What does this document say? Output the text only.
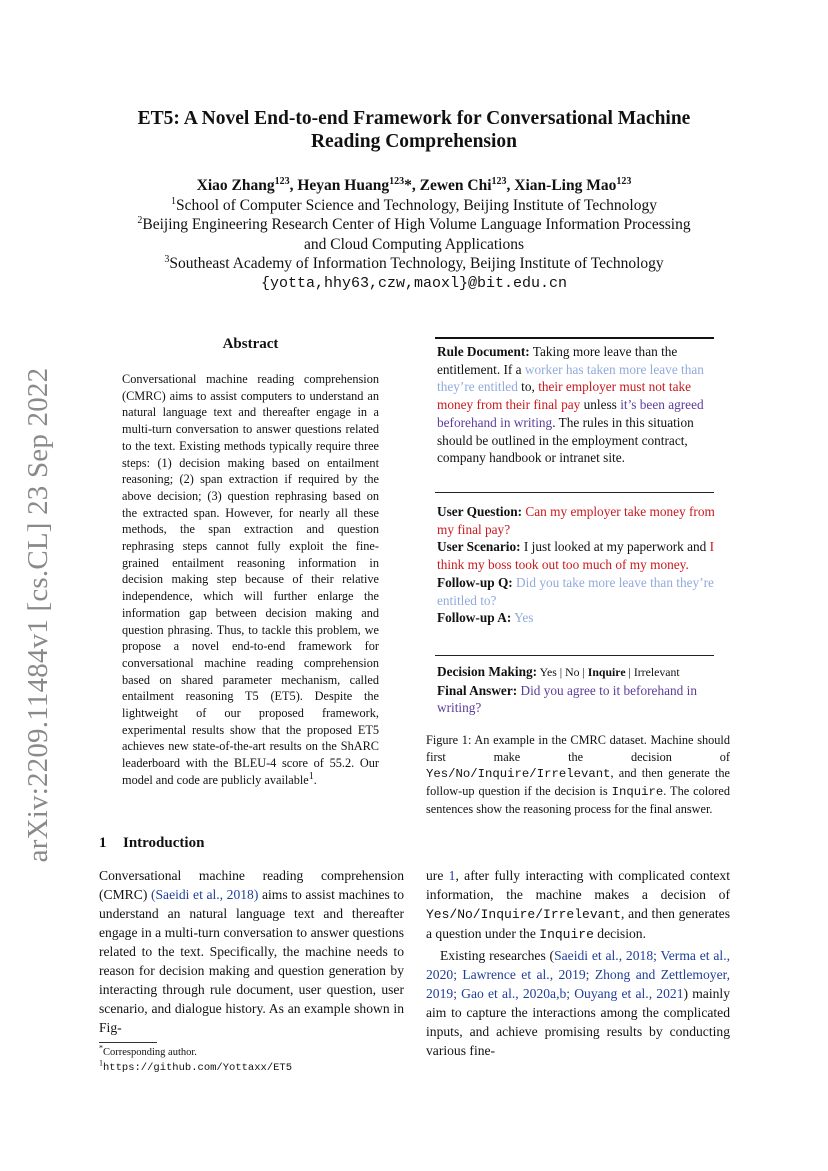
arXiv:2209.11484v1 [cs.CL] 23 Sep 2022
ET5: A Novel End-to-end Framework for Conversational Machine
Reading Comprehension
Xiao Zhang$^{123}$, Heyan Huang$^{123}$*, Zewen Chi$^{123}$, Xian-Ling Mao$^{123}$
$^1$School of Computer Science and Technology, Beijing Institute of Technology
$^2$Beijing Engineering Research Center of High Volume Language Information Processing
and Cloud Computing Applications
$^3$Southeast Academy of Information Technology, Beijing Institute of Technology
{yotta,hhy63,czw,maoxl}@bit.edu.cn
Abstract
Conversational machine reading comprehension (CMRC) aims to assist computers to understand an natural language text and thereafter engage in a multi-turn conversation to answer questions related to the text. Existing methods typically require three steps: (1) decision making based on entailment reasoning; (2) span extraction if required by the above decision; (3) question rephrasing based on the extracted span. However, for nearly all these methods, the span extraction and question rephrasing steps cannot fully exploit the fine-grained entailment reasoning information in decision making step because of their relative independence, which will further enlarge the information gap between decision making and question phrasing. Thus, to tackle this problem, we propose a novel end-to-end framework for conversational machine reading comprehension based on shared parameter mechanism, called entailment reasoning T5 (ET5). Despite the lightweight of our proposed framework, experimental results show that the proposed ET5 achieves new state-of-the-art results on the ShARC leaderboard with the BLEU-4 score of 55.2. Our model and code are publicly available$^1$.
1 Introduction
Conversational machine reading comprehension (CMRC) (Saeidi et al., 2018) aims to assist machines to understand an natural language text and thereafter engage in a multi-turn conversation to answer questions related to the text. Specifically, the machine needs to reason for decision making and question generation by interacting through rule document, user question, user scenario, and dialogue history. As an example shown in Fig-
*Corresponding author.
$^1$https://github.com/Yottaxx/ET5
Rule Document: Taking more leave than the entitlement. If a worker has taken more leave than they’re entitled to, their employer must not take money from their final pay unless it’s been agreed beforehand in writing. The rules in this situation should be outlined in the employment contract, company handbook or intranet site.
User Question: Can my employer take money from my final pay?
User Scenario: I just looked at my paperwork and I think my boss took out too much of my money.
Follow-up Q: Did you take more leave than they’re entitled to?
Follow-up A: Yes
Decision Making: Yes | No | Inquire | Irrelevant
Final Answer: Did you agree to it beforehand in writing?
Figure 1: An example in the CMRC dataset. Machine should first make the decision of Yes/No/Inquire/Irrelevant, and then generate the follow-up question if the decision is Inquire. The colored sentences show the reasoning process for the final answer.

ure 1, after fully interacting with complicated context information, the machine makes a decision of Yes/No/Inquire/Irrelevant, and then generates a question under the Inquire decision.

Existing researches (Saeidi et al., 2018; Verma et al., 2020; Lawrence et al., 2019; Zhong and Zettlemoyer, 2019; Gao et al., 2020a,b; Ouyang et al., 2021) mainly aim to capture the interactions among the complicated inputs, and achieve promising results by conducting various fine-
